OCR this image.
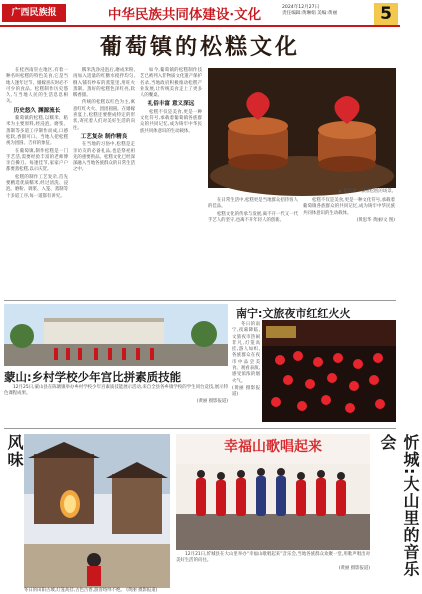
广西民族报	中华民族共同体建设·文化	2024年12月27日
责任编辑:黄琳娟 美编:黄丽	5
葡萄镇的松糕文化

在桂西南崇左地区,有着一种名叫松糕的特色美食,它是当地人逢年过节、婚嫁喜庆时必不可少的食品。松糕制作历史悠久,与当地人民的生活息息相关。

历史悠久 渊源流长

葡萄镇的松糕,以糯米、粘米为主要原料,经浸泡、磨浆、蒸制等多道工序制作而成,口感松软,香甜可口。当地人把松糕视为团圆、吉祥的象征。

在葡萄镇,制作松糕是一门手艺活,需要经验丰富的老师傅亲自操刀。每逢佳节,家家户户都要蒸松糕,以示庆贺。

松糕的制作工艺复杂,首先要精选优质糯米,经过清洗、浸泡、磨粉、调浆、入笼、蒸制等十多道工序,每一道都有讲究。

糯米洗净浸泡后,磨成米粉,再加入适量的红糖水搅拌均匀,倒入铺有纱布的蒸笼里,用旺火蒸制。蒸好的松糕色泽红亮,软糯香甜。

传统的松糕以红色为主,寓意红红火火、团团圆圆。在婚嫁喜宴上,松糕还要摆成特定的形状,寄托着人们对美好生活的向往。

工艺复杂 制作精良

在当地的习俗中,松糕是走亲访友的必备礼品,也是祭祀祖先的重要供品。松糕文化已经深深融入当地各族群众的日常生活之中。

如今,葡萄镇的松糕制作技艺已被列入非物质文化遗产保护名录,当地政府积极推动松糕产业发展,让传统美食走上了更多人的餐桌。

礼俗丰富 意义深远

松糕不仅是美食,更是一种文化符号,承载着葡萄镇各族群众的共同记忆,成为铸牢中华民族共同体意识的生动载体。

▲ 葡萄镇一家蒸松糕的场景。

在日常生活中,松糕更是当地群众招待客人的佳品。

松糕文化的传承与发展,离不开一代又一代手艺人的坚守,也离不开年轻人的创新。

松糕不仅是美食,更是一种文化符号,承载着葡萄镇各族群众的共同记忆,成为铸牢中华民族共同体意识的生动载体。

(黄思华 黄丽/文 图)
蒙山:乡村学校少年宫比拼素质技能

12月25日,蒙山县在陈塘镇举办乡村学校少年宫素质技能展示活动,来自全县各乡镇学校的学生同台竞技,展示特色课程成果。

(黄丽 摄影报道)
南宁:文旅夜市红红火火

冬日的南宁,夜幕降临,文旅夜市热闹非凡,灯笼高挂,游人如织,各族群众在夜市中品尝美食、观看表演,感受浓浓的烟火气。

(黄丽 摄影报道)
风味
冬日的田阳古城,灯笼高挂,古色古香,游客络绎不绝。 (黄丽 摄影报道)
幸福山歌唱起来	忻城:大山里的音乐会

12月21日,忻城县在大山里举办“幸福山歌唱起来”音乐会,当地各族群众欢聚一堂,用歌声唱出对美好生活的向往。

(黄丽 摄影报道)
